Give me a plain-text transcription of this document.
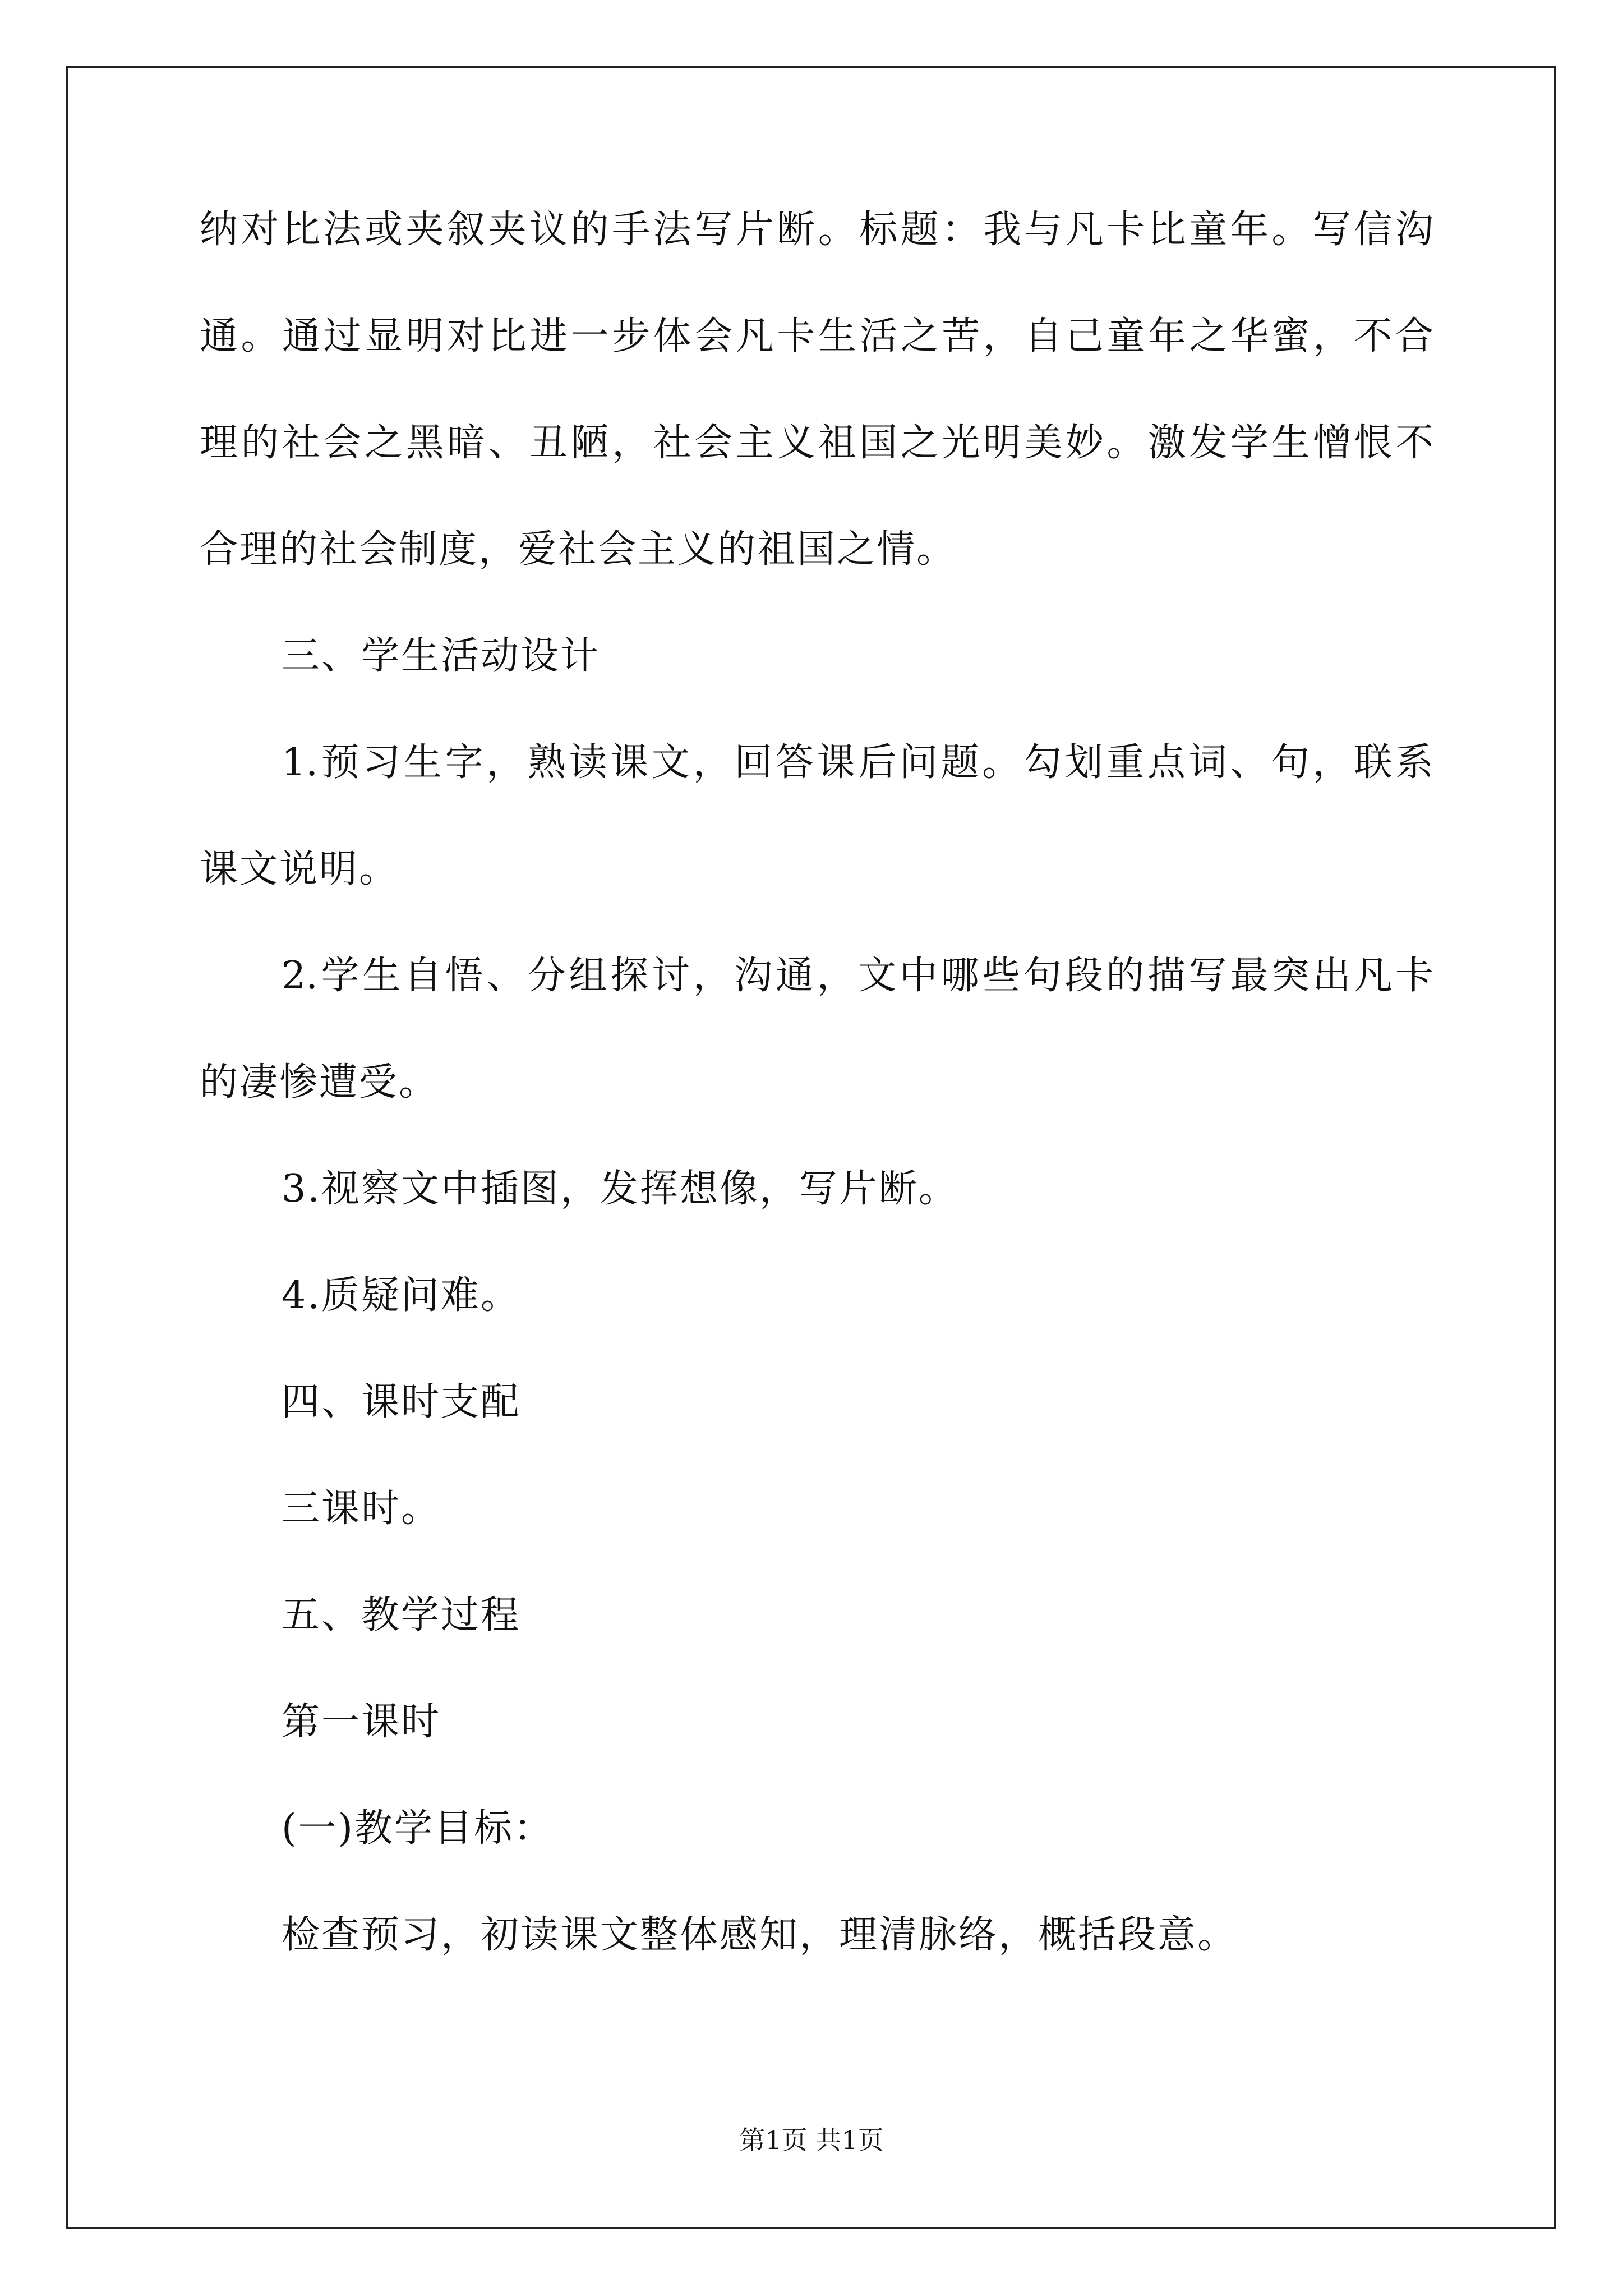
纳对比法或夹叙夹议的手法写片断。标题：我与凡卡比童年。写信沟
通。通过显明对比进一步体会凡卡生活之苦，自己童年之华蜜，不合
理的社会之黑暗、丑陋，社会主义祖国之光明美妙。激发学生憎恨不
合理的社会制度，爱社会主义的祖国之情。
三、学生活动设计
1.预习生字，熟读课文，回答课后问题。勾划重点词、句，联系
课文说明。
2.学生自悟、分组探讨，沟通，文中哪些句段的描写最突出凡卡
的凄惨遭受。
3.视察文中插图，发挥想像，写片断。
4.质疑问难。
四、课时支配
三课时。
五、教学过程
第一课时
(一)教学目标：
检查预习，初读课文整体感知，理清脉络，概括段意。
第1页 共1页
